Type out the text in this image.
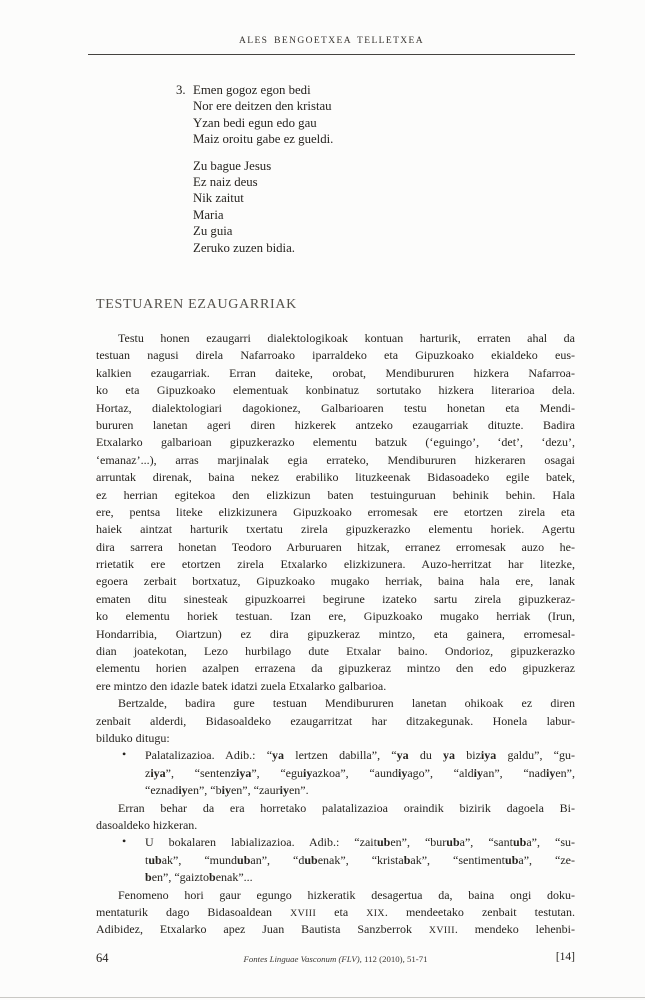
ALES BENGOETXEA TELLETXEA
3. Emen gogoz egon bedi
Nor ere deitzen den kristau
Yzan bedi egun edo gau
Maiz oroitu gabe ez gueldi.
Zu bague Jesus
Ez naiz deus
Nik zaitut
Maria
Zu guia
Zeruko zuzen bidia.
TESTUAREN EZAUGARRIAK
Testu honen ezaugarri dialektologikoak kontuan harturik, erraten ahal da
testuan nagusi direla Nafarroako iparraldeko eta Gipuzkoako ekialdeko eus-
kalkien ezaugarriak. Erran daiteke, orobat, Mendibururen hizkera Nafarroa-
ko eta Gipuzkoako elementuak konbinatuz sortutako hizkera literarioa dela.
Hortaz, dialektologiari dagokionez, Galbarioaren testu honetan eta Mendi-
bururen lanetan ageri diren hizkerek antzeko ezaugarriak dituzte. Badira
Etxalarko galbarioan gipuzkerazko elementu batzuk (‘eguingo’, ‘det’, ‘dezu’,
‘emanaz’...), arras marjinalak egia errateko, Mendibururen hizkeraren osagai
arruntak direnak, baina nekez erabiliko lituzkeenak Bidasoadeko egile batek,
ez herrian egitekoa den elizkizun baten testuinguruan behinik behin. Hala
ere, pentsa liteke elizkizunera Gipuzkoako erromesak ere etortzen zirela eta
haiek aintzat harturik txertatu zirela gipuzkerazko elementu horiek. Agertu
dira sarrera honetan Teodoro Arburuaren hitzak, erranez erromesak auzo he-
rrietatik ere etortzen zirela Etxalarko elizkizunera. Auzo-herritzat har litezke,
egoera zerbait bortxatuz, Gipuzkoako mugako herriak, baina hala ere, lanak
ematen ditu sinesteak gipuzkoarrei begirune izateko sartu zirela gipuzkeraz-
ko elementu horiek testuan. Izan ere, Gipuzkoako mugako herriak (Irun,
Hondarribia, Oiartzun) ez dira gipuzkeraz mintzo, eta gainera, erromesal-
dian joatekotan, Lezo hurbilago dute Etxalar baino. Ondorioz, gipuzkerazko
elementu horien azalpen errazena da gipuzkeraz mintzo den edo gipuzkeraz
ere mintzo den idazle batek idatzi zuela Etxalarko galbarioa.
Bertzalde, badira gure testuan Mendibururen lanetan ohikoak ez diren
zenbait alderdi, Bidasoaldeko ezaugarritzat har ditzakegunak. Honela labur-
bilduko ditugu:
• Palatalizazioa. Adib.: “ya lertzen dabilla”, “ya du ya biziya galdu”, “gu-
ziya”, “sentenziya”, “eguiyazkoa”, “aundiyago”, “aldiyan”, “nadiyen”,
“eznadiyen”, “biyen”, “zauriyen”.
Erran behar da era horretako palatalizazioa oraindik bizirik dagoela Bi-
dasoaldeko hizkeran.
• U bokalaren labializazioa. Adib.: “zaituben”, “buruba”, “santuba”, “su-
tubak”, “munduban”, “dubenak”, “kristabak”, “sentimentuba”, “ze-
ben”, “gaiztobenak”...
Fenomeno hori gaur egungo hizkeratik desagertua da, baina ongi doku-
mentaturik dago Bidasoaldean XVIII eta XIX. mendeetako zenbait testutan.
Adibidez, Etxalarko apez Juan Bautista Sanzberrok XVIII. mendeko lehenbi-
64	Fontes Linguae Vasconum (FLV), 112 (2010), 51-71	[14]
